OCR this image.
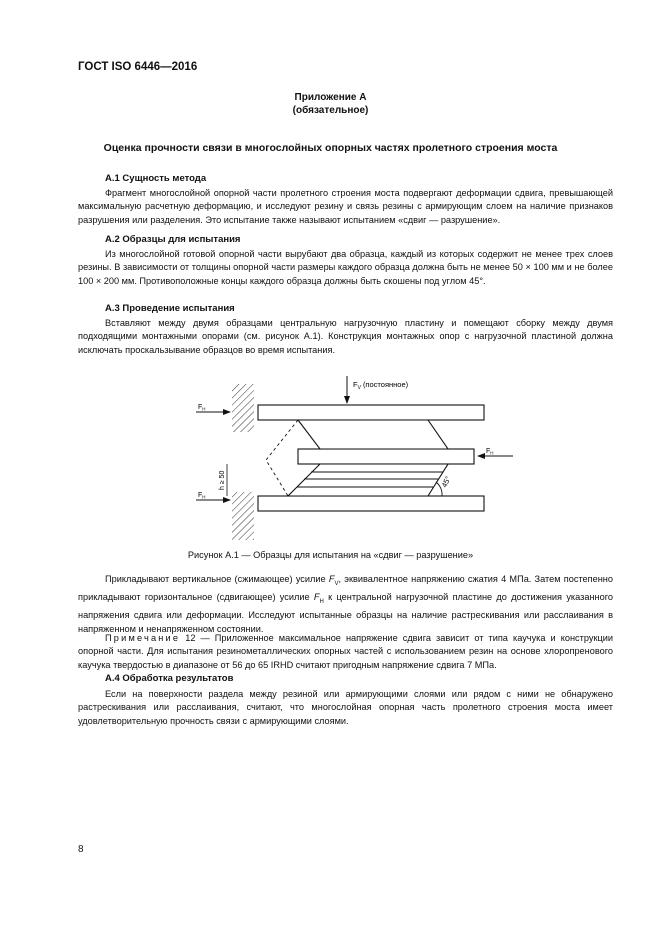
ГОСТ ISO 6446—2016
Приложение А
(обязательное)
Оценка прочности связи в многослойных опорных частях пролетного строения моста
А.1 Сущность метода

Фрагмент многослойной опорной части пролетного строения моста подвергают деформации сдвига, превышающей максимальную расчетную деформацию, и исследуют резину и связь резины с армирующим слоем на наличие признаков разрушения или разделения. Это испытание также называют испытанием «сдвиг — разрушение».

А.2 Образцы для испытания

Из многослойной готовой опорной части вырубают два образца, каждый из которых содержит не менее трех слоев резины. В зависимости от толщины опорной части размеры каждого образца должна быть не менее 50 × 100 мм и не более 100 × 200 мм. Противоположные концы каждого образца должны быть скошены под углом 45°.

А.3 Проведение испытания

Вставляют между двумя образцами центральную нагрузочную пластину и помещают сборку между двумя подходящими монтажными опорами (см. рисунок А.1). Конструкция монтажных опор с нагрузочной пластиной должна исключать проскальзывание образцов во время испытания.

$F_V$ (постоянное)
$F_H$
$F_H$
$F_H$
h ≥ 50	45°
Рисунок А.1 — Образцы для испытания на «сдвиг — разрушение»

Прикладывают вертикальное (сжимающее) усилие $F_V$, эквивалентное напряжению сжатия 4 МПа. Затем постепенно прикладывают горизонтальное (сдвигающее) усилие $F_H$ к центральной нагрузочной пластине до достижения указанного напряжения сдвига или деформации. Исследуют испытанные образцы на наличие растрескивания или расслаивания в напряженном и ненапряженном состоянии.

Примечание 12 — Приложенное максимальное напряжение сдвига зависит от типа каучука и конструкции опорной части. Для испытания резинометаллических опорных частей с использованием резин на основе хлоропренового каучука твердостью в диапазоне от 56 до 65 IRHD считают пригодным напряжение сдвига 7 МПа.

А.4 Обработка результатов

Если на поверхности раздела между резиной или армирующими слоями или рядом с ними не обнаружено растрескивания или расслаивания, считают, что многослойная опорная часть пролетного строения моста имеет удовлетворительную прочность связи с армирующими слоями.

8
